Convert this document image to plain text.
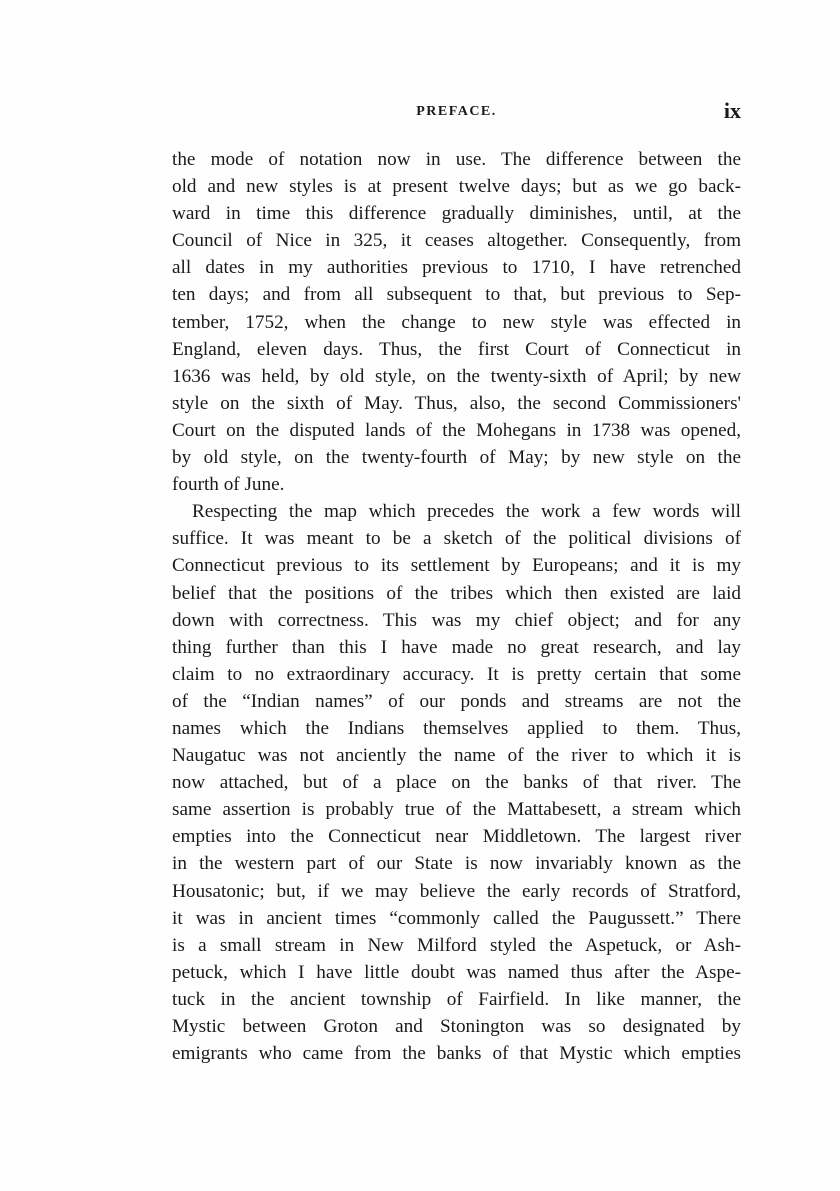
PREFACE.	ix
the mode of notation now in use. The difference between the
old and new styles is at present twelve days; but as we go back-
ward in time this difference gradually diminishes, until, at the
Council of Nice in 325, it ceases altogether. Consequently, from
all dates in my authorities previous to 1710, I have retrenched
ten days; and from all subsequent to that, but previous to Sep-
tember, 1752, when the change to new style was effected in
England, eleven days. Thus, the first Court of Connecticut in
1636 was held, by old style, on the twenty-sixth of April; by new
style on the sixth of May. Thus, also, the second Commissioners'
Court on the disputed lands of the Mohegans in 1738 was opened,
by old style, on the twenty-fourth of May; by new style on the
fourth of June.
Respecting the map which precedes the work a few words will
suffice. It was meant to be a sketch of the political divisions of
Connecticut previous to its settlement by Europeans; and it is my
belief that the positions of the tribes which then existed are laid
down with correctness. This was my chief object; and for any
thing further than this I have made no great research, and lay
claim to no extraordinary accuracy. It is pretty certain that some
of the “Indian names” of our ponds and streams are not the
names which the Indians themselves applied to them. Thus,
Naugatuc was not anciently the name of the river to which it is
now attached, but of a place on the banks of that river. The
same assertion is probably true of the Mattabesett, a stream which
empties into the Connecticut near Middletown. The largest river
in the western part of our State is now invariably known as the
Housatonic; but, if we may believe the early records of Stratford,
it was in ancient times “commonly called the Paugussett.” There
is a small stream in New Milford styled the Aspetuck, or Ash-
petuck, which I have little doubt was named thus after the Aspe-
tuck in the ancient township of Fairfield. In like manner, the
Mystic between Groton and Stonington was so designated by
emigrants who came from the banks of that Mystic which empties
